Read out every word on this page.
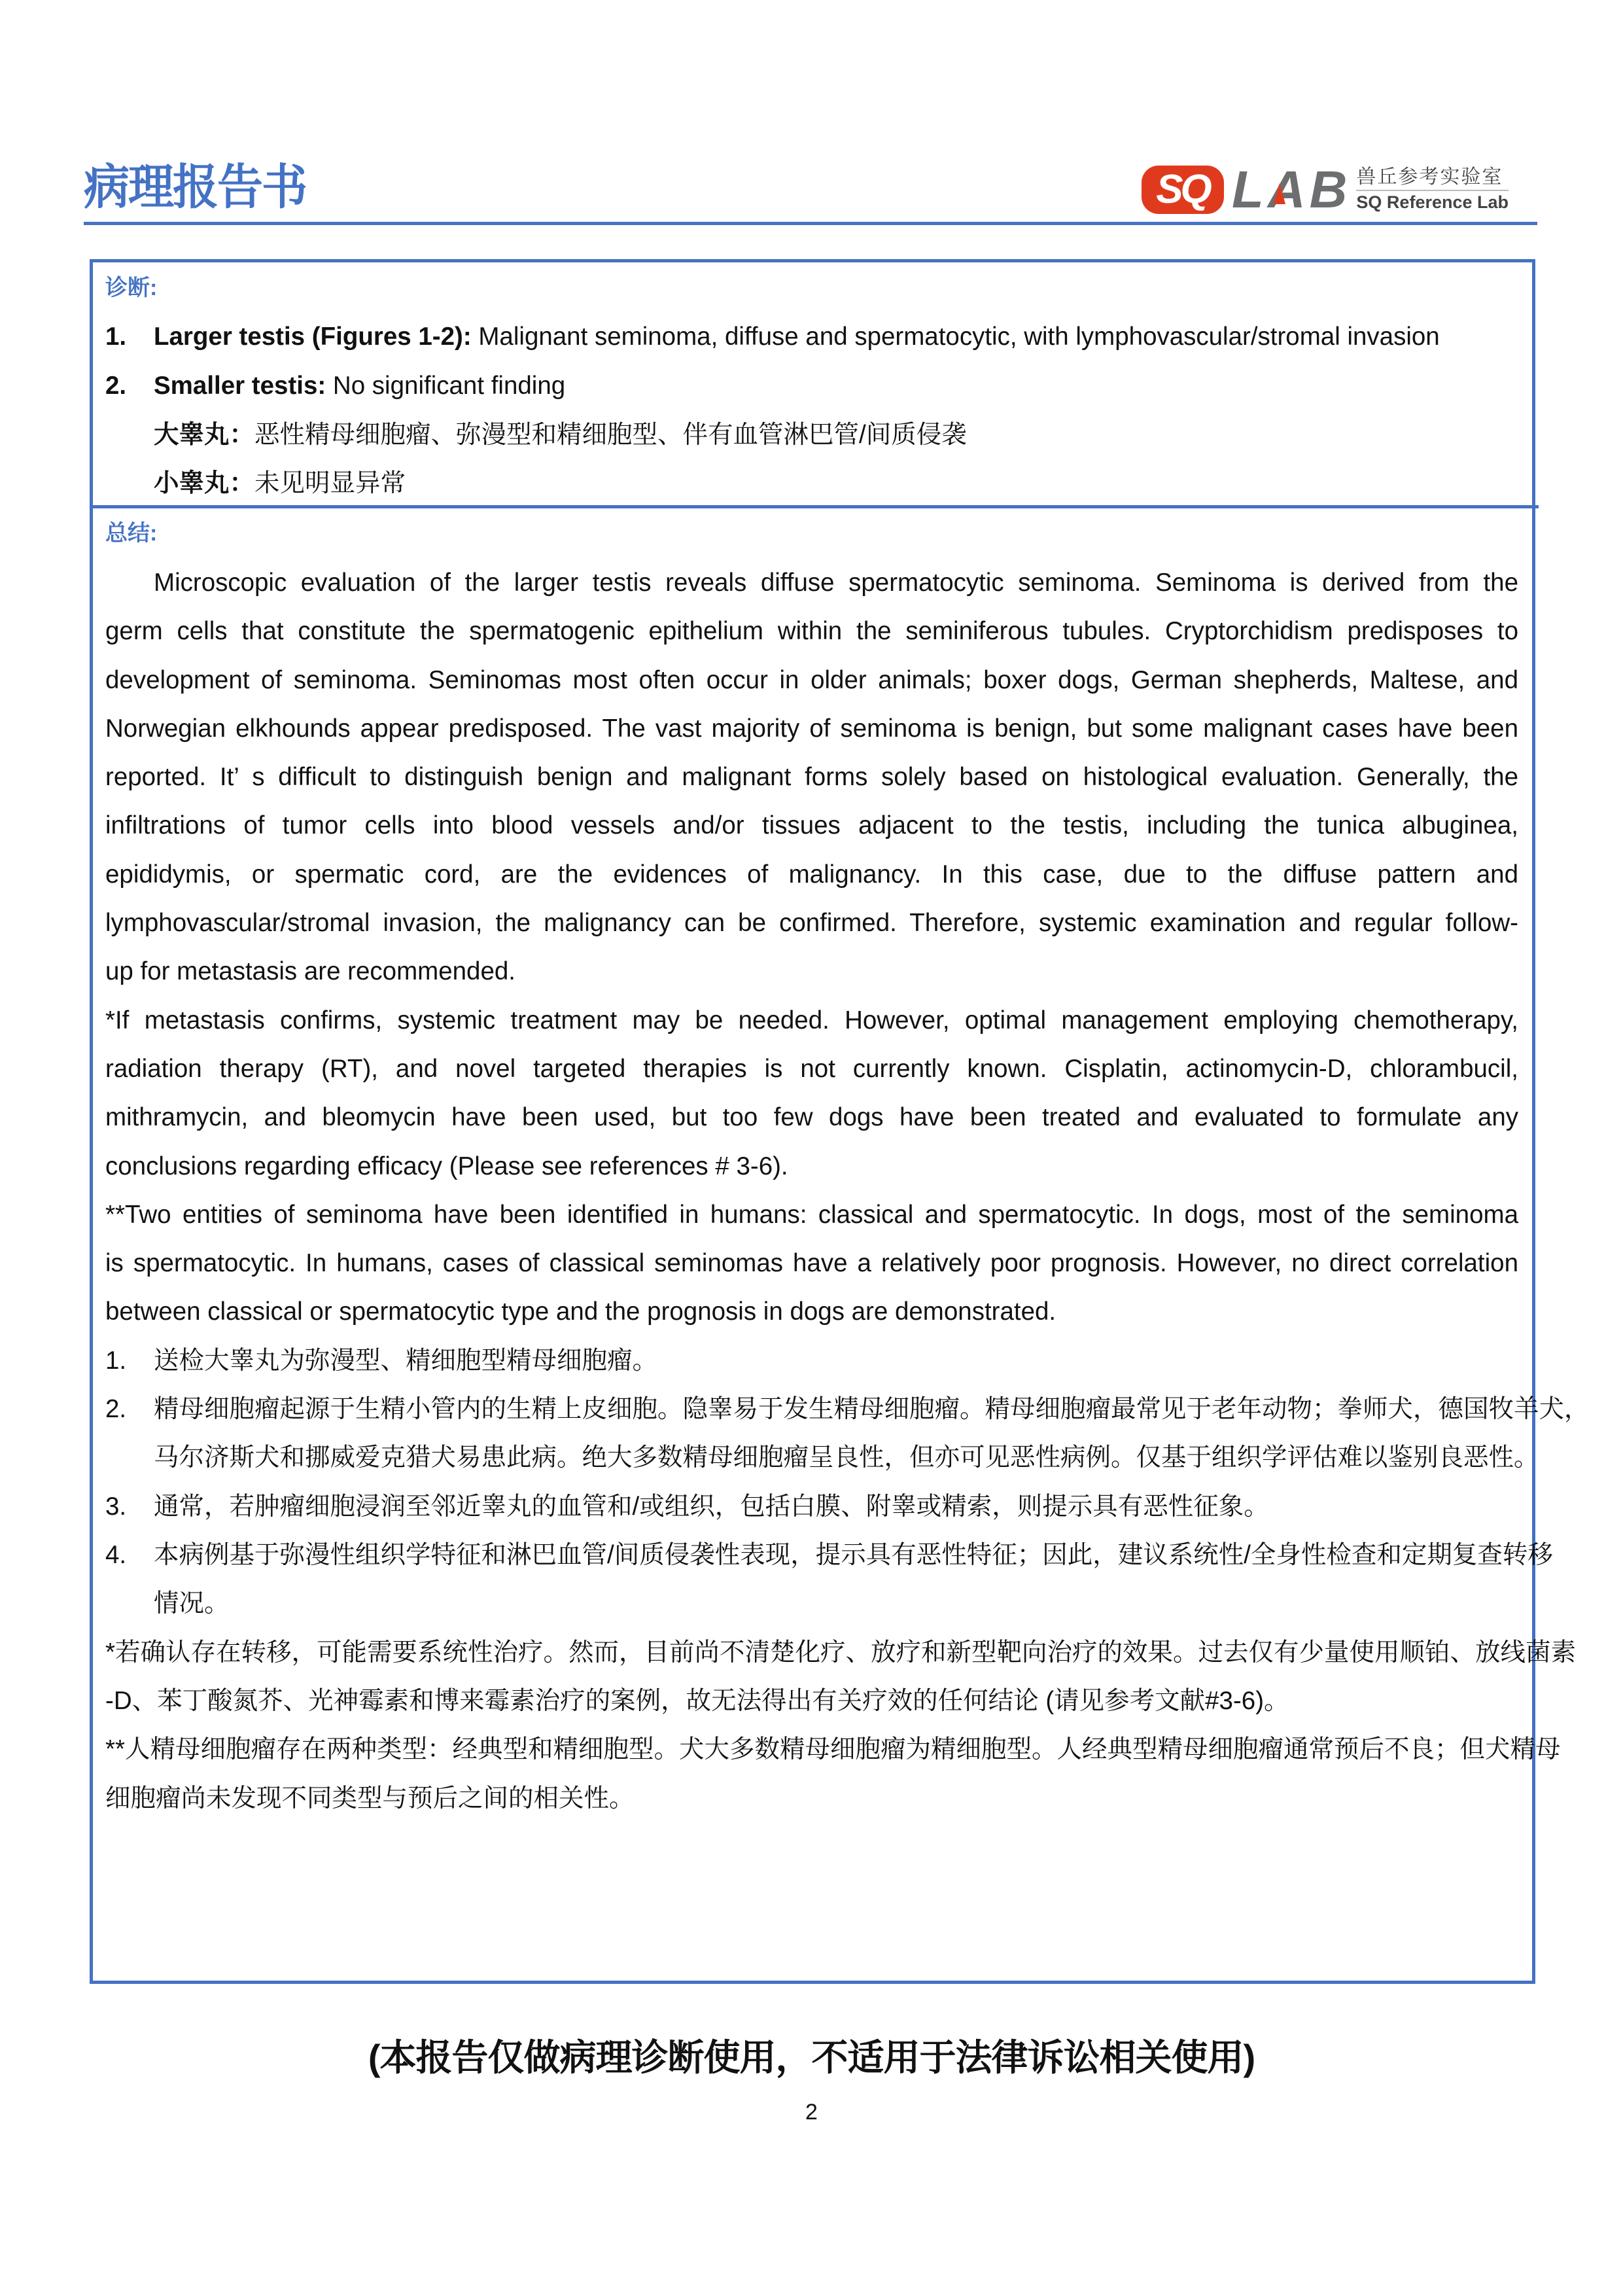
病理报告书	SQ LAB 兽丘参考实验室
SQ Reference Lab
诊断:
1. Larger testis (Figures 1-2): Malignant seminoma, diffuse and spermatocytic, with lymphovascular/stromal invasion
2. Smaller testis: No significant finding
大睾丸：恶性精母细胞瘤、弥漫型和精细胞型、伴有血管淋巴管/间质侵袭
小睾丸：未见明显异常
总结:
Microscopic evaluation of the larger testis reveals diffuse spermatocytic seminoma. Seminoma is derived from the
germ cells that constitute the spermatogenic epithelium within the seminiferous tubules. Cryptorchidism predisposes to
development of seminoma. Seminomas most often occur in older animals; boxer dogs, German shepherds, Maltese, and
Norwegian elkhounds appear predisposed. The vast majority of seminoma is benign, but some malignant cases have been
reported. It’ s difficult to distinguish benign and malignant forms solely based on histological evaluation. Generally, the
infiltrations of tumor cells into blood vessels and/or tissues adjacent to the testis, including the tunica albuginea,
epididymis, or spermatic cord, are the evidences of malignancy. In this case, due to the diffuse pattern and
lymphovascular/stromal invasion, the malignancy can be confirmed. Therefore, systemic examination and regular follow-
up for metastasis are recommended.
*If metastasis confirms, systemic treatment may be needed. However, optimal management employing chemotherapy,
radiation therapy (RT), and novel targeted therapies is not currently known. Cisplatin, actinomycin-D, chlorambucil,
mithramycin, and bleomycin have been used, but too few dogs have been treated and evaluated to formulate any
conclusions regarding efficacy (Please see references # 3-6).
**Two entities of seminoma have been identified in humans: classical and spermatocytic. In dogs, most of the seminoma
is spermatocytic. In humans, cases of classical seminomas have a relatively poor prognosis. However, no direct correlation
between classical or spermatocytic type and the prognosis in dogs are demonstrated.
1. 送检大睾丸为弥漫型、精细胞型精母细胞瘤。
2. 精母细胞瘤起源于生精小管内的生精上皮细胞。隐睾易于发生精母细胞瘤。精母细胞瘤最常见于老年动物；拳师犬，德国牧羊犬，
马尔济斯犬和挪威爱克猎犬易患此病。绝大多数精母细胞瘤呈良性，但亦可见恶性病例。仅基于组织学评估难以鉴别良恶性。
3. 通常，若肿瘤细胞浸润至邻近睾丸的血管和/或组织，包括白膜、附睾或精索，则提示具有恶性征象。
4. 本病例基于弥漫性组织学特征和淋巴血管/间质侵袭性表现，提示具有恶性特征；因此，建议系统性/全身性检查和定期复查转移
情况。
*若确认存在转移，可能需要系统性治疗。然而，目前尚不清楚化疗、放疗和新型靶向治疗的效果。过去仅有少量使用顺铂、放线菌素
-D、苯丁酸氮芥、光神霉素和博来霉素治疗的案例，故无法得出有关疗效的任何结论 (请见参考文献#3-6)。
**人精母细胞瘤存在两种类型：经典型和精细胞型。犬大多数精母细胞瘤为精细胞型。人经典型精母细胞瘤通常预后不良；但犬精母
细胞瘤尚未发现不同类型与预后之间的相关性。
(本报告仅做病理诊断使用，不适用于法律诉讼相关使用)
2
